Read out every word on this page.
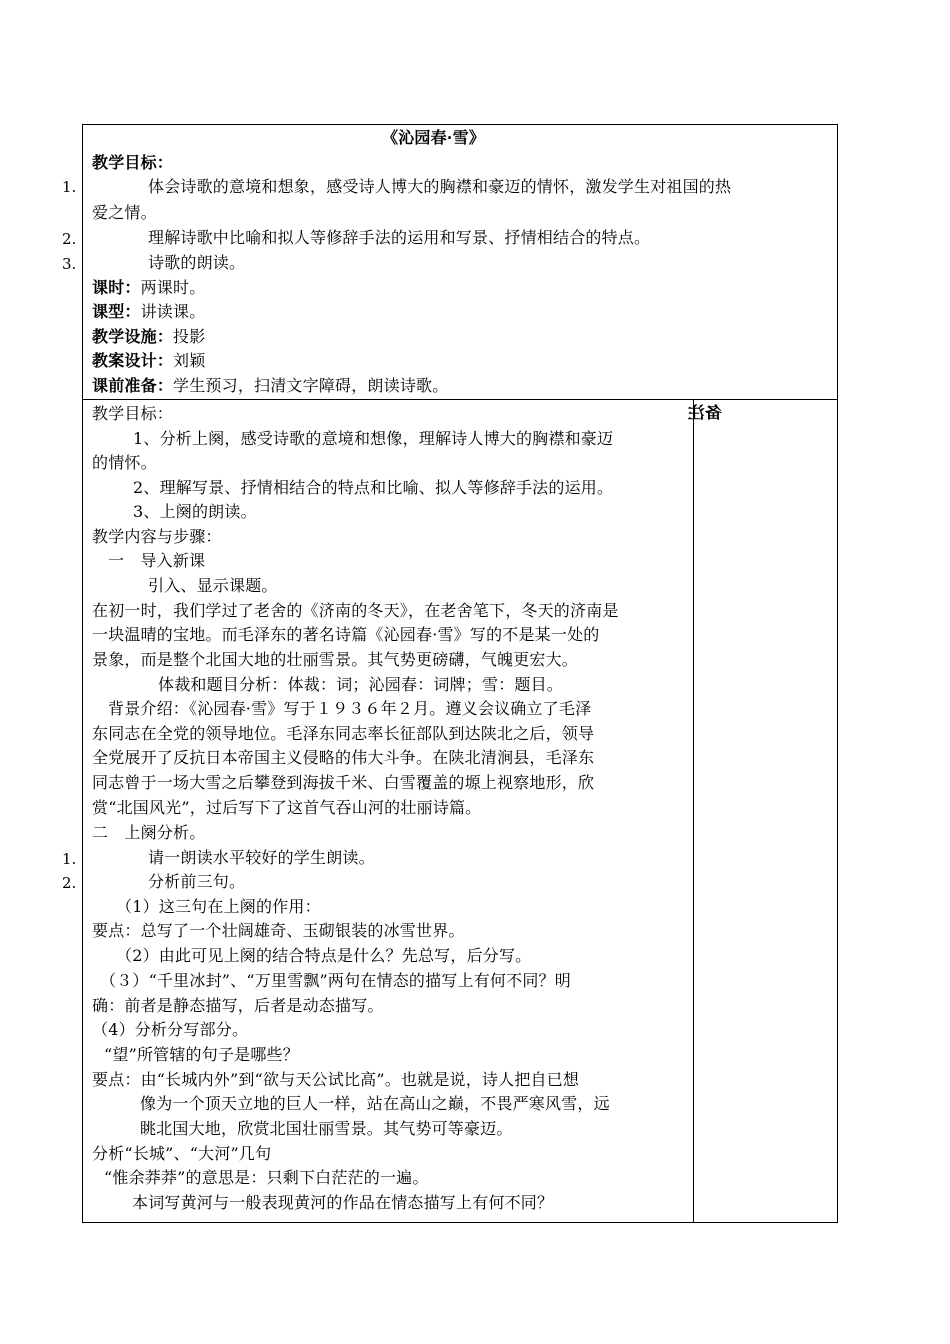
《沁园春·雪》
教学目标：
1.	体会诗歌的意境和想象，感受诗人博大的胸襟和豪迈的情怀，激发学生对祖国的热
爱之情。
2.	理解诗歌中比喻和拟人等修辞手法的运用和写景、抒情相结合的特点。
3.	诗歌的朗读。
课时：两课时。
课型：讲读课。
教学设施：投影
教案设计：刘颖
课前准备：学生预习，扫清文字障碍，朗读诗歌。
备注
教学目标：
1、分析上阕，感受诗歌的意境和想像，理解诗人博大的胸襟和豪迈
的情怀。
2、理解写景、抒情相结合的特点和比喻、拟人等修辞手法的运用。
3、上阕的朗读。
教学内容与步骤：
一　导入新课
引入、显示课题。
在初一时，我们学过了老舍的《济南的冬天》，在老舍笔下，冬天的济南是
一块温晴的宝地。而毛泽东的著名诗篇《沁园春·雪》写的不是某一处的
景象，而是整个北国大地的壮丽雪景。其气势更磅礴，气魄更宏大。
体裁和题目分析：体裁：词；沁园春：词牌；雪：题目。
背景介绍：《沁园春·雪》写于１９３６年２月。遵义会议确立了毛泽
东同志在全党的领导地位。毛泽东同志率长征部队到达陕北之后，领导
全党展开了反抗日本帝国主义侵略的伟大斗争。在陕北清涧县，毛泽东
同志曾于一场大雪之后攀登到海拔千米、白雪覆盖的塬上视察地形，欣
赏“北国风光”，过后写下了这首气吞山河的壮丽诗篇。
二　上阕分析。
1.	请一朗读水平较好的学生朗读。
2.	分析前三句。
（1）这三句在上阕的作用：
要点：总写了一个壮阔雄奇、玉砌银装的冰雪世界。
（2）由此可见上阕的结合特点是什么？先总写，后分写。
（３）“千里冰封”、“万里雪飘”两句在情态的描写上有何不同？明
确：前者是静态描写，后者是动态描写。
（4）分析分写部分。
“望”所管辖的句子是哪些？
要点：由“长城内外”到“欲与天公试比高”。也就是说，诗人把自已想
像为一个顶天立地的巨人一样，站在高山之巅，不畏严寒风雪，远
眺北国大地，欣赏北国壮丽雪景。其气势可等豪迈。
分析“长城”、“大河”几句
“惟余莽莽”的意思是：只剩下白茫茫的一遍。
本词写黄河与一般表现黄河的作品在情态描写上有何不同？
